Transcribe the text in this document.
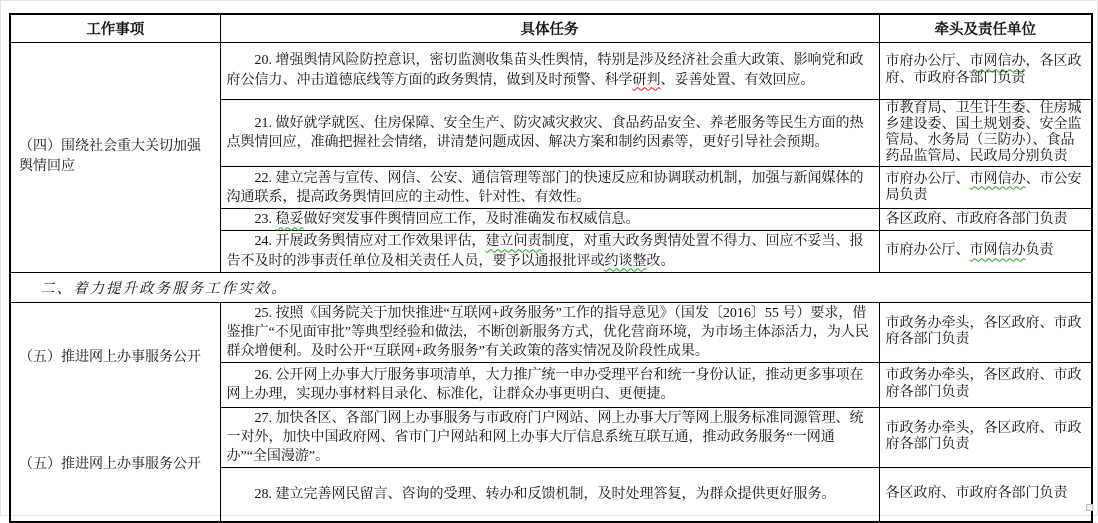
工作事项	具体任务	牵头及责任单位
（四）围绕社会重大关切加强舆情回应	20. 增强舆情风险防控意识，密切监测收集苗头性舆情，特别是涉及经济社会重大政策、影响党和政府公信力、冲击道德底线等方面的政务舆情，做到及时预警、科学研判、妥善处置、有效回应。	市府办公厅、市网信办，各区政府、市政府各部门负责
	21. 做好就学就医、住房保障、安全生产、防灾减灾救灾、食品药品安全、养老服务等民生方面的热点舆情回应，准确把握社会情绪，讲清楚问题成因、解决方案和制约因素等，更好引导社会预期。	市教育局、卫生计生委、住房城乡建设委、国土规划委、安全监管局、水务局（三防办）、食品药品监管局、民政局分别负责
	22. 建立完善与宣传、网信、公安、通信管理等部门的快速反应和协调联动机制，加强与新闻媒体的沟通联系，提高政务舆情回应的主动性、针对性、有效性。	市府办公厅、市网信办、市公安局负责
	23. 稳妥做好突发事件舆情回应工作，及时准确发布权威信息。	各区政府、市政府各部门负责
	24. 开展政务舆情应对工作效果评估，建立问责制度，对重大政务舆情处置不得力、回应不妥当、报告不及时的涉事责任单位及相关责任人员，要予以通报批评或约谈整改。	市府办公厅、市网信办负责
二、着力提升政务服务工作实效。		

（五）推进网上办事服务公开
（五）推进网上办事服务公开	25. 按照《国务院关于加快推进“互联网+政务服务”工作的指导意见》（国发〔2016〕55 号）要求，借鉴推广“不见面审批”等典型经验和做法，不断创新服务方式，优化营商环境，为市场主体添活力，为人民群众增便利。及时公开“互联网+政务服务”有关政策的落实情况及阶段性成果。	市政务办牵头，各区政府、市政府各部门负责
	26. 公开网上办事大厅服务事项清单，大力推广统一申办受理平台和统一身份认证，推动更多事项在网上办理，实现办事材料目录化、标准化，让群众办事更明白、更便捷。	市政务办牵头，各区政府、市政府各部门负责
	27. 加快各区、各部门网上办事服务与市政府门户网站、网上办事大厅等网上服务标准同源管理、统一对外，加快中国政府网、省市门户网站和网上办事大厅信息系统互联互通，推动政务服务“一网通办”“全国漫游”。	市政务办牵头，各区政府、市政府各部门负责
	28. 建立完善网民留言、咨询的受理、转办和反馈机制，及时处理答复，为群众提供更好服务。	各区政府、市政府各部门负责
